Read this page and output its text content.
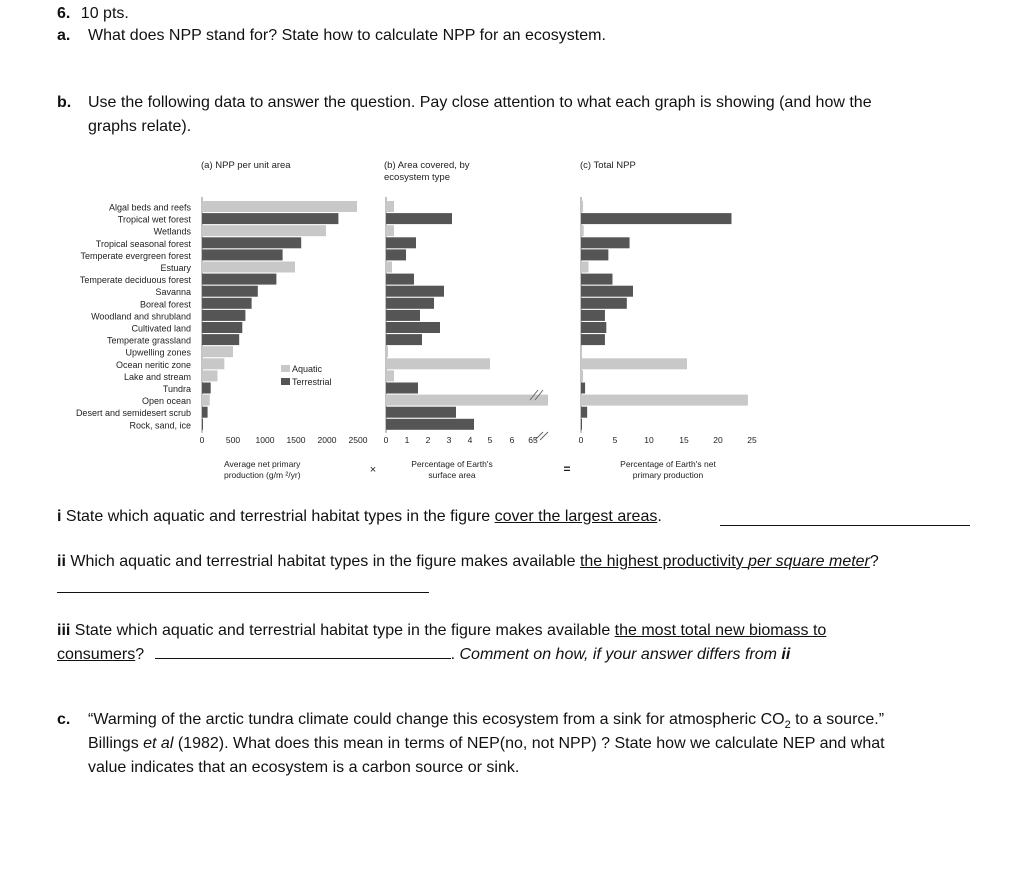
6. 10 pts.
a. What does NPP stand for? State how to calculate NPP for an ecosystem.
b. Use the following data to answer the question. Pay close attention to what each graph is showing (and how the
graphs relate).
Algal beds and reefs
Tropical wet forest
Wetlands
Tropical seasonal forest
Temperate evergreen forest
Estuary
Temperate deciduous forest
Savanna
Boreal forest
Woodland and shrubland
Cultivated land
Temperate grassland
Upwelling zones
Ocean neritic zone
Lake and stream
Tundra
Open ocean
Desert and semidesert scrub
Rock, sand, ice
0	500 1000 1500 2000 2500 0 1 2 3 4 5 6 65	0	5	10	15	20	25
(a) NPP per unit area	(b) Area covered, by
ecosystem type
(c) Total NPP
Average net primary
production (g/m ²/yr)
Percentage of Earth's
surface area
Percentage of Earth's net
primary production
×	=
Aquatic
Terrestrial
i State which aquatic and terrestrial habitat types in the figure cover the largest areas.
ii Which aquatic and terrestrial habitat types in the figure makes available the highest productivity per square meter?
iii State which aquatic and terrestrial habitat type in the figure makes available the most total new biomass to
consumers?	. Comment on how, if your answer differs from ii
c. “Warming of the arctic tundra climate could change this ecosystem from a sink for atmospheric $CO_2$ to a source.”
Billings et al (1982). What does this mean in terms of NEP(no, not NPP) ? State how we calculate NEP and what
value indicates that an ecosystem is a carbon source or sink.
